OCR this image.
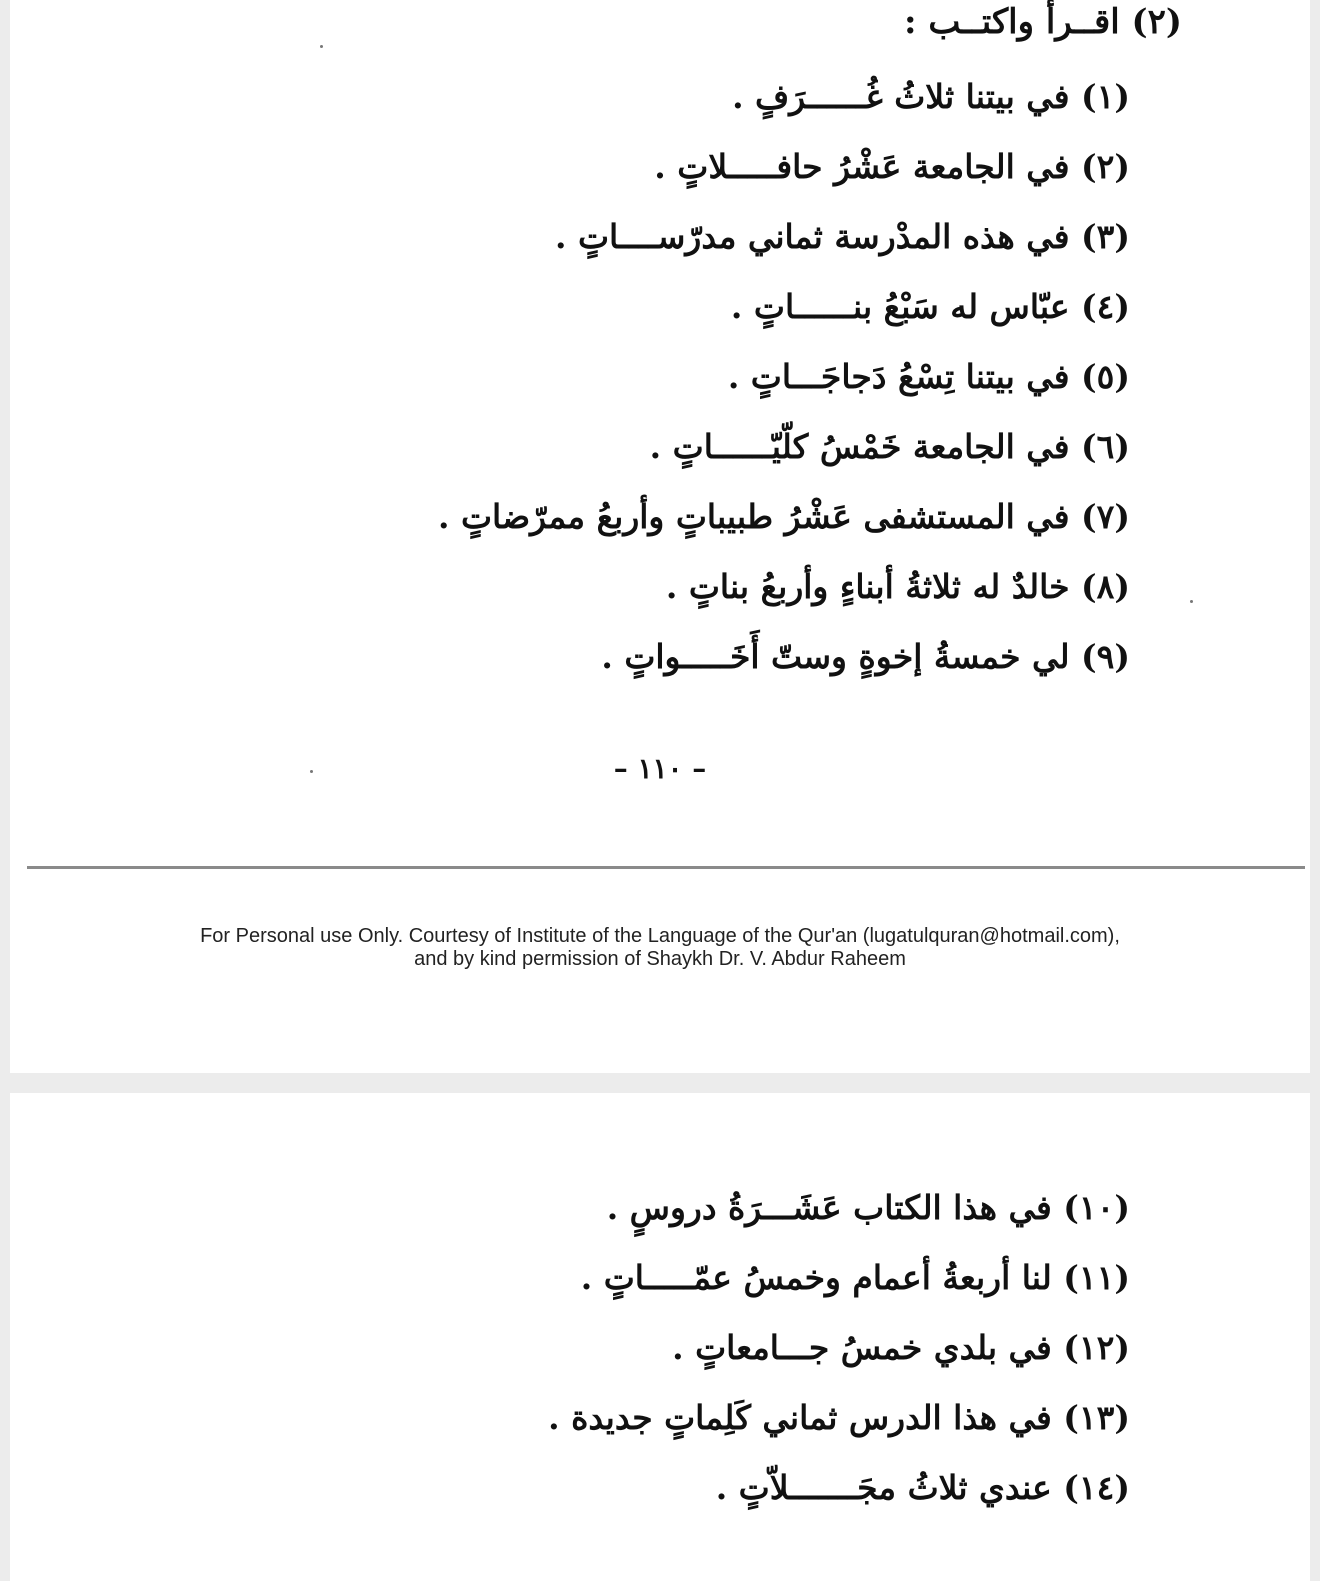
(٢) اقــرأ واكتــب :
(١) في بيتنا ثلاثُ غُــــــرَفٍ .
(٢) في الجامعة عَشْرُ حافـــــلاتٍ .
(٣) في هذه المدْرسة ثماني مدرّســــاتٍ .
(٤) عبّاس له سَبْعُ بنــــــاتٍ .
(٥) في بيتنا تِسْعُ دَجاجَـــاتٍ .
(٦) في الجامعة خَمْسُ كلّيّــــــاتٍ .
(٧) في المستشفى عَشْرُ طبيباتٍ وأربعُ ممرّضاتٍ .
(٨) خالدٌ له ثلاثةُ أبناءٍ وأربعُ بناتٍ .
(٩) لي خمسةُ إخوةٍ وستّ أَخَـــــواتٍ .
– ١١٠ –
For Personal use Only. Courtesy of Institute of the Language of the Qur'an (lugatulquran@hotmail.com),
and by kind permission of Shaykh Dr. V. Abdur Raheem
(١٠) في هذا الكتاب عَشَـــرَةُ دروسٍ .
(١١) لنا أربعةُ أعمام وخمسُ عمّـــــاتٍ .
(١٢) في بلدي خمسُ جـــامعاتٍ .
(١٣) في هذا الدرس ثماني كَلِماتٍ جديدة .
(١٤) عندي ثلاثُ مجَـــــــلاّتٍ .
